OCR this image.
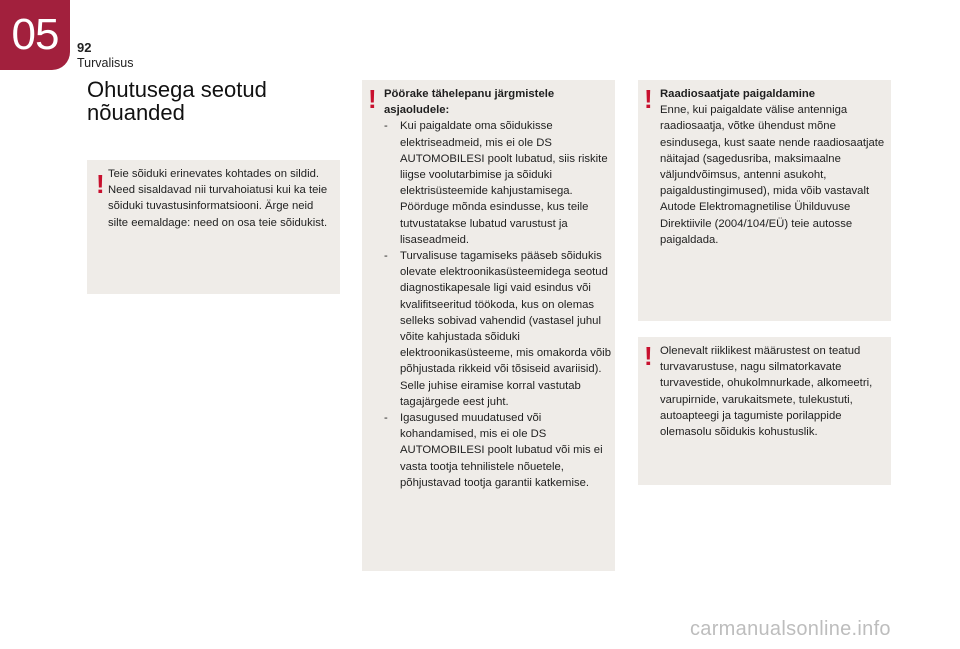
05 92
Turvalisus
Ohutusega seotud nõuanded
! Teie sõiduki erinevates kohtades on sildid. Need sisaldavad nii turvahoiatusi kui ka teie sõiduki tuvastusinformatsiooni. Ärge neid silte eemaldage: need on osa teie sõidukist.
! Pöörake tähelepanu järgmistele asjaoludele:
- Kui paigaldate oma sõidukisse elektriseadmeid, mis ei ole DS AUTOMOBILESI poolt lubatud, siis riskite liigse voolutarbimise ja sõiduki elektrisüsteemide kahjustamisega. Pöörduge mõnda esindusse, kus teile tutvustatakse lubatud varustust ja lisaseadmeid.
- Turvalisuse tagamiseks pääseb sõidukis olevate elektroonikasüsteemidega seotud diagnostikapesale ligi vaid esindus või kvalifitseeritud töökoda, kus on olemas selleks sobivad vahendid (vastasel juhul võite kahjustada sõiduki elektroonikasüsteeme, mis omakorda võib põhjustada rikkeid või tõsiseid avariisid). Selle juhise eiramise korral vastutab tagajärgede eest juht.
- Igasugused muudatused või kohandamised, mis ei ole DS AUTOMOBILESI poolt lubatud või mis ei vasta tootja tehnilistele nõuetele, põhjustavad tootja garantii katkemise.
! Raadiosaatjate paigaldamine
Enne, kui paigaldate välise antenniga raadiosaatja, võtke ühendust mõne esindusega, kust saate nende raadiosaatjate näitajad (sagedusriba, maksimaalne väljundvõimsus, antenni asukoht, paigaldustingimused), mida võib vastavalt Autode Elektromagnetilise Ühilduvuse Direktiivile (2004/104/EÜ) teie autosse paigaldada.
! Olenevalt riiklikest määrustest on teatud turvavarustuse, nagu silmatorkavate turvavestide, ohukolmnurkade, alkomeetri, varupirnide, varukaitsmete, tulekustuti, autoapteegi ja tagumiste porilappide olemasolu sõidukis kohustuslik.
carmanualsonline.info
